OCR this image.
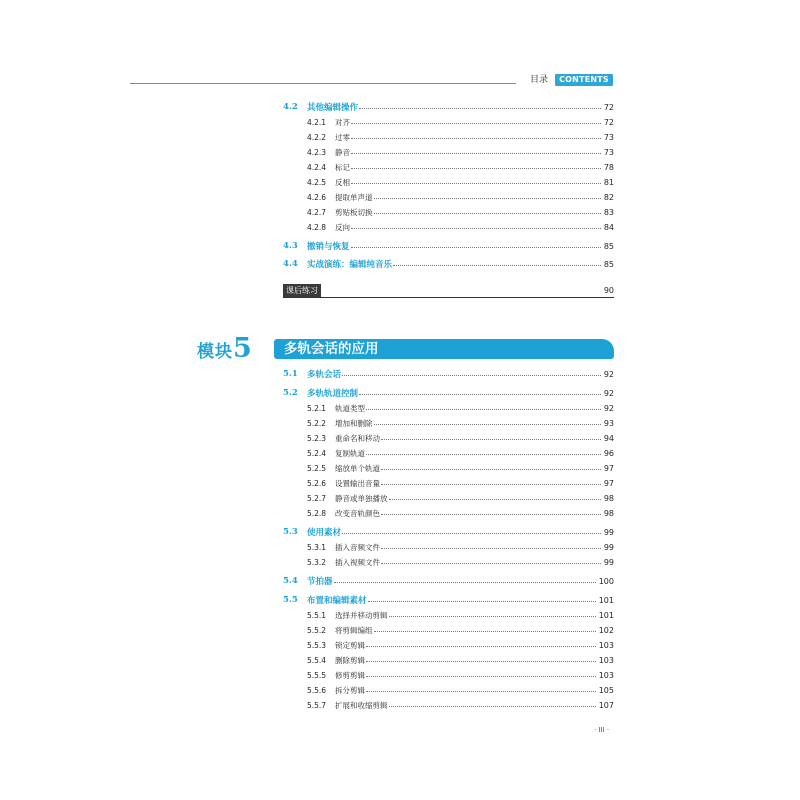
目录	CONTENTS
4.2	其他编辑操作	72
4.2.1	对齐	72
4.2.2	过零	73
4.2.3	静音	73
4.2.4	标记	78
4.2.5	反相	81
4.2.6	提取单声道	82
4.2.7	剪贴板切换	83
4.2.8	反向	84
4.3	撤销与恢复	85
4.4	实战演练：编辑纯音乐	85
课后练习	90
模块 5	多轨会话的应用
5.1	多轨会话	92
5.2	多轨轨道控制	92
5.2.1	轨道类型	92
5.2.2	增加和删除	93
5.2.3	重命名和移动	94
5.2.4	复制轨道	96
5.2.5	缩放单个轨道	97
5.2.6	设置输出音量	97
5.2.7	静音或单独播放	98
5.2.8	改变音轨颜色	98
5.3	使用素材	99
5.3.1	插入音频文件	99
5.3.2	插入视频文件	99
5.4	节拍器	100
5.5	布置和编辑素材	101
5.5.1	选择并移动剪辑	101
5.5.2	将剪辑编组	102
5.5.3	锁定剪辑	103
5.5.4	删除剪辑	103
5.5.5	修剪剪辑	103
5.5.6	拆分剪辑	105
5.5.7	扩展和收缩剪辑	107
· III ·
